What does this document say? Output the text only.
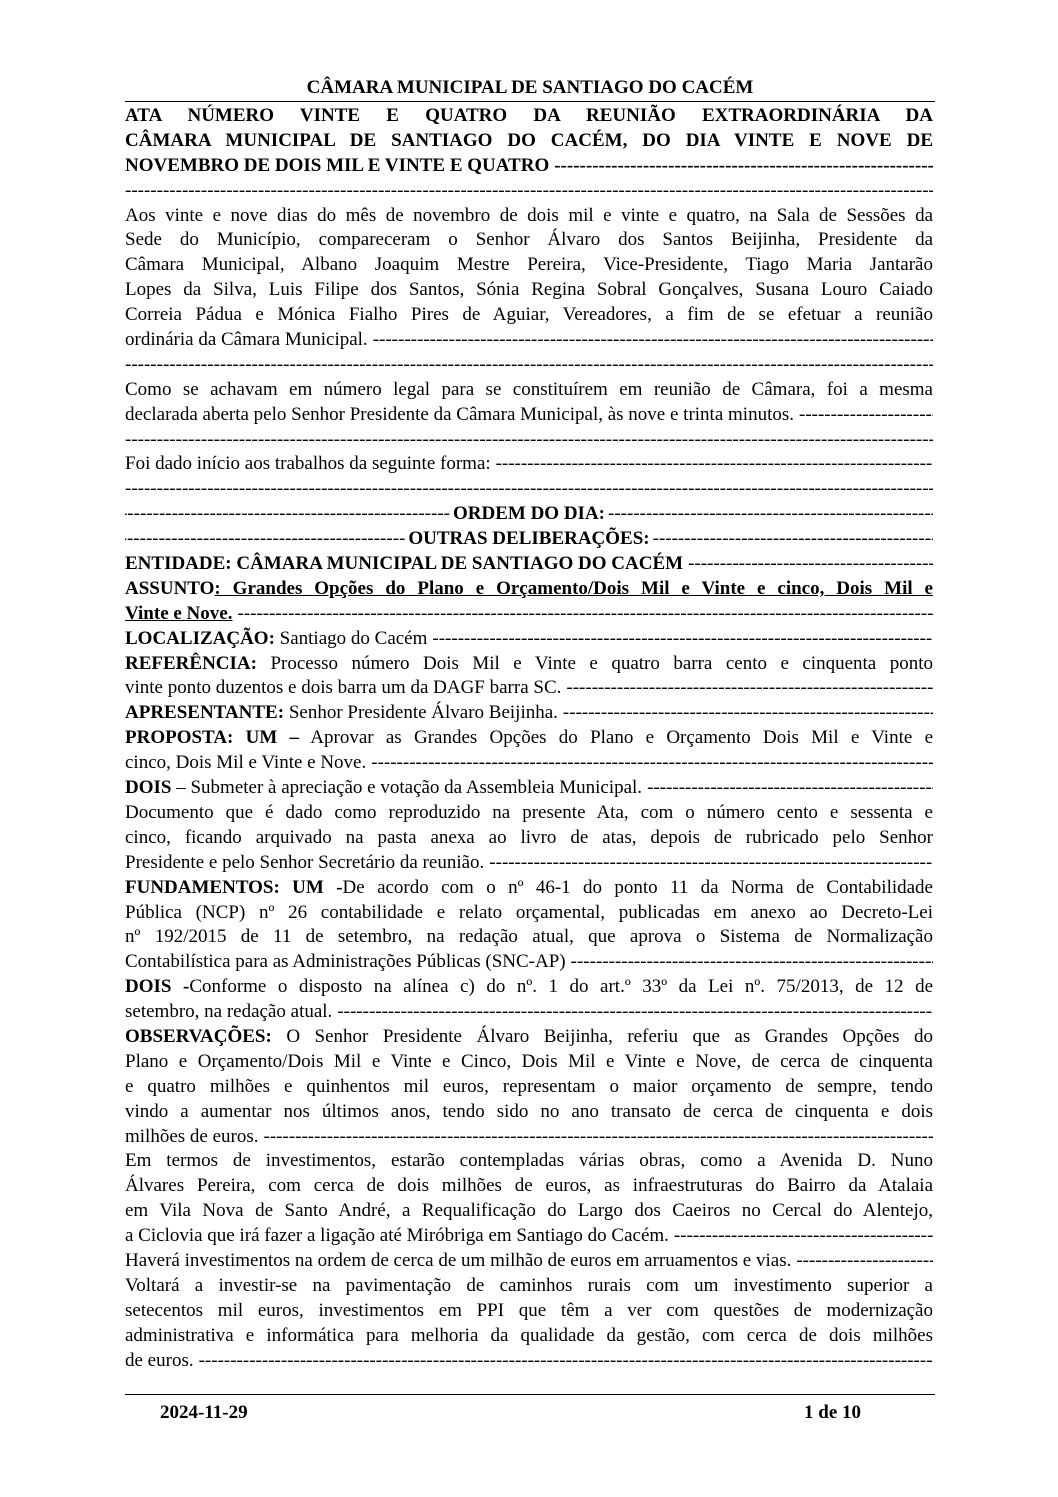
CÂMARA MUNICIPAL DE SANTIAGO DO CACÉM
ATA NÚMERO VINTE E QUATRO DA REUNIÃO EXTRAORDINÁRIA DA
CÂMARA MUNICIPAL DE SANTIAGO DO CACÉM, DO DIA VINTE E NOVE DE
NOVEMBRO DE DOIS MIL E VINTE E QUATRO -----
-----
Aos vinte e nove dias do mês de novembro de dois mil e vinte e quatro, na Sala de Sessões da
Sede do Município, compareceram o Senhor Álvaro dos Santos Beijinha, Presidente da
Câmara Municipal, Albano Joaquim Mestre Pereira, Vice-Presidente, Tiago Maria Jantarão
Lopes da Silva, Luis Filipe dos Santos, Sónia Regina Sobral Gonçalves, Susana Louro Caiado
Correia Pádua e Mónica Fialho Pires de Aguiar, Vereadores, a fim de se efetuar a reunião
ordinária da Câmara Municipal. -----
-----
Como se achavam em número legal para se constituírem em reunião de Câmara, foi a mesma
declarada aberta pelo Senhor Presidente da Câmara Municipal, às nove e trinta minutos. -----
-----
Foi dado início aos trabalhos da seguinte forma: -----
-----
-----
ORDEM DO DIA:
-----
-----
OUTRAS DELIBERAÇÕES:
-----
ENTIDADE: CÂMARA MUNICIPAL DE SANTIAGO DO CACÉM -----
ASSUNTO: Grandes Opções do Plano e Orçamento/Dois Mil e Vinte e cinco, Dois Mil e
Vinte e Nove. -----
LOCALIZAÇÃO: Santiago do Cacém -----
REFERÊNCIA: Processo número Dois Mil e Vinte e quatro barra cento e cinquenta ponto
vinte ponto duzentos e dois barra um da DAGF barra SC. -----
APRESENTANTE: Senhor Presidente Álvaro Beijinha. -----
PROPOSTA: UM – Aprovar as Grandes Opções do Plano e Orçamento Dois Mil e Vinte e
cinco, Dois Mil e Vinte e Nove. -----
DOIS – Submeter à apreciação e votação da Assembleia Municipal. -----
Documento que é dado como reproduzido na presente Ata, com o número cento e sessenta e
cinco, ficando arquivado na pasta anexa ao livro de atas, depois de rubricado pelo Senhor
Presidente e pelo Senhor Secretário da reunião. -----
FUNDAMENTOS: UM -De acordo com o nº 46-1 do ponto 11 da Norma de Contabilidade
Pública (NCP) nº 26 contabilidade e relato orçamental, publicadas em anexo ao Decreto-Lei
nº 192/2015 de 11 de setembro, na redação atual, que aprova o Sistema de Normalização
Contabilística para as Administrações Públicas (SNC-AP) -----
DOIS -Conforme o disposto na alínea c) do nº. 1 do art.º 33º da Lei nº. 75/2013, de 12 de
setembro, na redação atual. -----
OBSERVAÇÕES: O Senhor Presidente Álvaro Beijinha, referiu que as Grandes Opções do
Plano e Orçamento/Dois Mil e Vinte e Cinco, Dois Mil e Vinte e Nove, de cerca de cinquenta
e quatro milhões e quinhentos mil euros, representam o maior orçamento de sempre, tendo
vindo a aumentar nos últimos anos, tendo sido no ano transato de cerca de cinquenta e dois
milhões de euros. -----
Em termos de investimentos, estarão contempladas várias obras, como a Avenida D. Nuno
Álvares Pereira, com cerca de dois milhões de euros, as infraestruturas do Bairro da Atalaia
em Vila Nova de Santo André, a Requalificação do Largo dos Caeiros no Cercal do Alentejo,
a Ciclovia que irá fazer a ligação até Miróbriga em Santiago do Cacém. -----
Haverá investimentos na ordem de cerca de um milhão de euros em arruamentos e vias. -----
Voltará a investir-se na pavimentação de caminhos rurais com um investimento superior a
setecentos mil euros, investimentos em PPI que têm a ver com questões de modernização
administrativa e informática para melhoria da qualidade da gestão, com cerca de dois milhões
de euros. -----
2024-11-29	1 de 10
